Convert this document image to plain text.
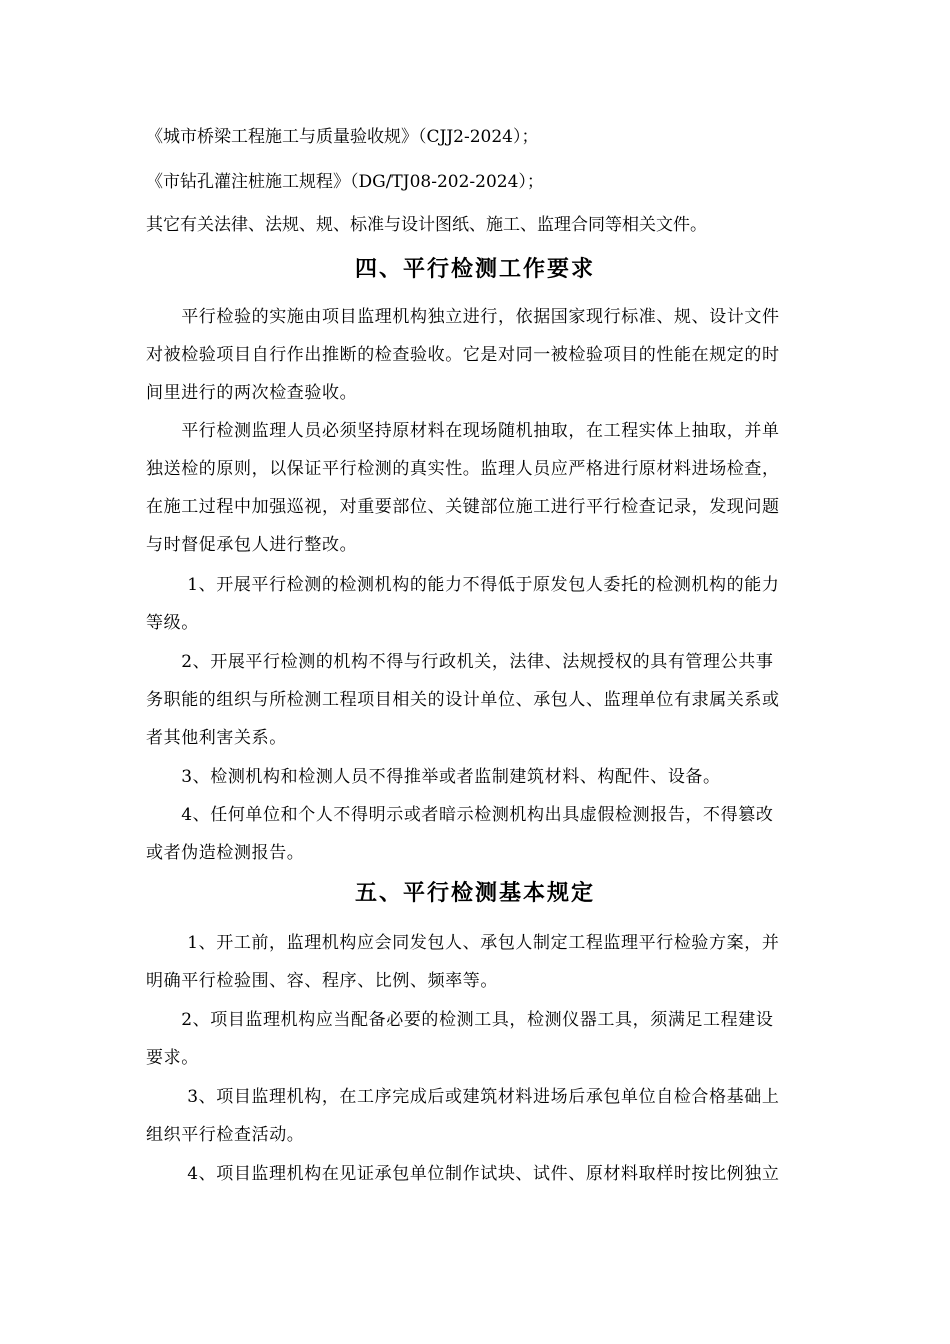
《城市桥梁工程施工与质量验收规》（CJJ2-2024）；
《市钻孔灌注桩施工规程》（DG/TJ08-202-2024）；
其它有关法律、法规、规、标准与设计图纸、施工、监理合同等相关文件。
四、平行检测工作要求
　　平行检验的实施由项目监理机构独立进行，依据国家现行标准、规、设计文件
对被检验项目自行作出推断的检查验收。它是对同一被检验项目的性能在规定的时
间里进行的两次检查验收。
　　平行检测监理人员必须坚持原材料在现场随机抽取，在工程实体上抽取，并单
独送检的原则，以保证平行检测的真实性。监理人员应严格进行原材料进场检查，
在施工过程中加强巡视，对重要部位、关键部位施工进行平行检查记录，发现问题
与时督促承包人进行整改。
　　 1、开展平行检测的检测机构的能力不得低于原发包人委托的检测机构的能力
等级。
　　2、开展平行检测的机构不得与行政机关，法律、法规授权的具有管理公共事
务职能的组织与所检测工程项目相关的设计单位、承包人、监理单位有隶属关系或
者其他利害关系。
　　3、检测机构和检测人员不得推举或者监制建筑材料、构配件、设备。
　　4、任何单位和个人不得明示或者暗示检测机构出具虚假检测报告，不得篡改
或者伪造检测报告。
五、平行检测基本规定
　　 1、开工前，监理机构应会同发包人、承包人制定工程监理平行检验方案，并
明确平行检验围、容、程序、比例、频率等。
　　2、项目监理机构应当配备必要的检测工具，检测仪器工具，须满足工程建设
要求。
　　 3、项目监理机构，在工序完成后或建筑材料进场后承包单位自检合格基础上
组织平行检查活动。
　　 4、项目监理机构在见证承包单位制作试块、试件、原材料取样时按比例独立
